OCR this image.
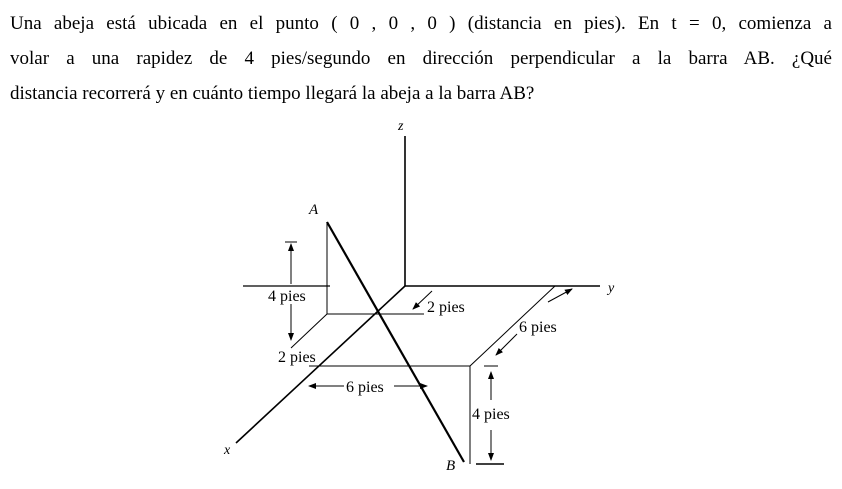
Una abeja está ubicada en el punto ( 0 , 0 , 0 ) (distancia en pies). En t = 0, comienza a
volar a una rapidez de 4 pies/segundo en dirección perpendicular a la barra AB. ¿Qué
distancia recorrerá y en cuánto tiempo llegará la abeja a la barra AB?

z
y
x
A
B
4 pies
2 pies
2 pies
6 pies
6 pies
4 pies
